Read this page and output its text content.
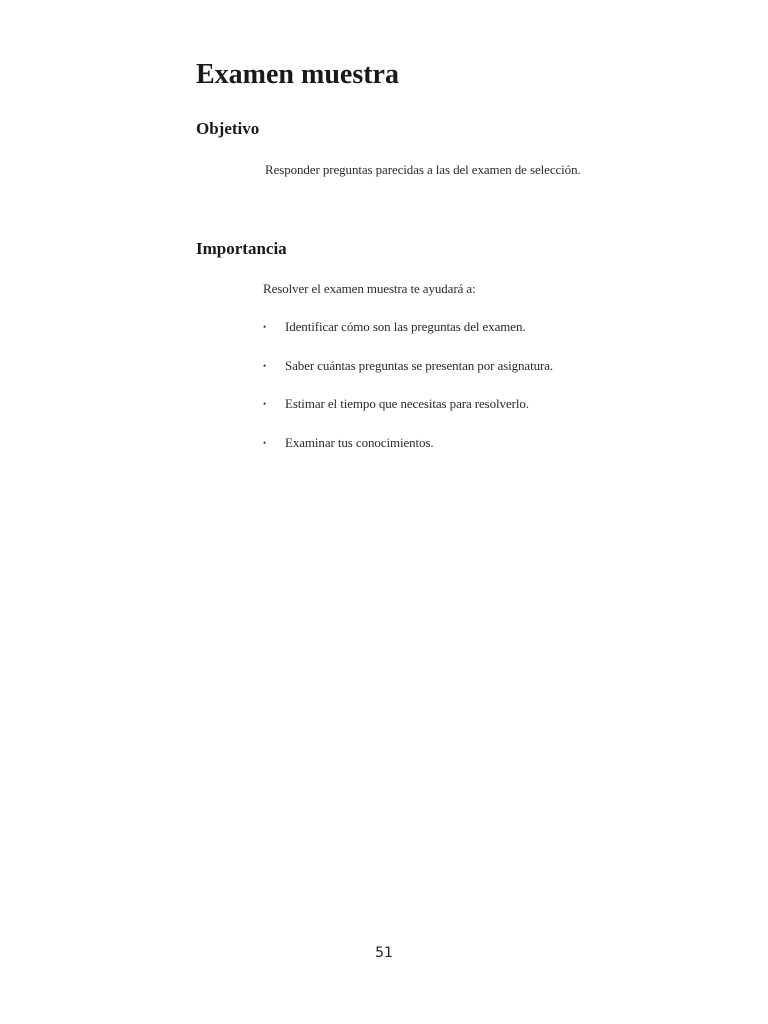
Examen muestra
Objetivo

Responder preguntas parecidas a las del examen de selección.

Importancia

Resolver el examen muestra te ayudará a:

• Identificar cómo son las preguntas del examen.
• Saber cuántas preguntas se presentan por asignatura.
• Estimar el tiempo que necesitas para resolverlo.
• Examinar tus conocimientos.

51
